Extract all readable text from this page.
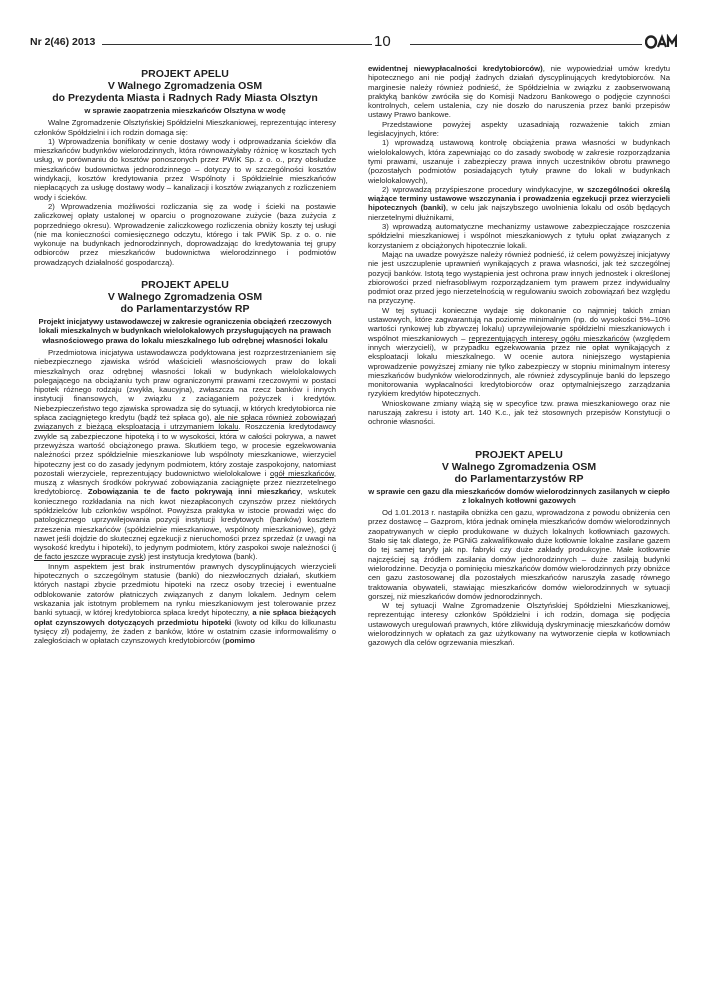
Nr 2(46) 2013	10
PROJEKT APELU
V Walnego Zgromadzenia OSM
do Prezydenta Miasta i Radnych Rady Miasta Olsztyn
w sprawie zaopatrzenia mieszkańców Olsztyna w wodę

Walne Zgromadzenie Olsztyńskiej Spółdzielni Mieszkaniowej, reprezentując interesy członków Spółdzielni i ich rodzin domaga się:

1) Wprowadzenia bonifikaty w cenie dostawy wody i odprowadzania ścieków dla mieszkańców budynków wielorodzinnych, która równoważyłaby różnicę w kosztach tych usług, w porównaniu do kosztów ponoszonych przez PWiK Sp. z o. o., przy obsłudze mieszkańców budownictwa jednorodzinnego – dotyczy to w szczególności kosztów windykacji, kosztów kredytowania przez Wspólnoty i Spółdzielnie mieszkańców niepłacących za usługę dostawy wody – kanalizacji i kosztów związanych z rozliczeniem wody i ścieków.

2) Wprowadzenia możliwości rozliczania się za wodę i ścieki na postawie zaliczkowej opłaty ustalonej w oparciu o prognozowane zużycie (baza zużycia z poprzedniego okresu). Wprowadzenie zaliczkowego rozliczenia obniży koszty tej usługi (nie ma konieczności comiesięcznego odczytu, którego i tak PWiK Sp. z o. o. nie wykonuje na budynkach jednorodzinnych, doprowadzając do kredytowania tej grupy odbiorców przez mieszkańców budownictwa wielorodzinnego i podmiotów prowadzących działalność gospodarczą).

PROJEKT APELU
V Walnego Zgromadzenia OSM
do Parlamentarzystów RP
Projekt inicjatywy ustawodawczej w zakresie ograniczenia obciążeń rzeczowych lokali mieszkalnych w budynkach wielolokalowych przysługujących na prawach własnościowego prawa do lokalu mieszkalnego lub odrębnej własności lokalu

Przedmiotowa inicjatywa ustawodawcza podyktowana jest rozprzestrzenianiem się niebezpiecznego zjawiska wśród właścicieli własnościowych praw do lokali mieszkalnych oraz odrębnej własności lokali w budynkach wielolokalowych polegającego na obciążaniu tych praw ograniczonymi prawami rzeczowymi w postaci hipotek różnego rodzaju (zwykła, kaucyjna), zwłaszcza na rzecz banków i innych instytucji finansowych, w związku z zaciąganiem pożyczek i kredytów. Niebezpieczeństwo tego zjawiska sprowadza się do sytuacji, w których kredytobiorca nie spłaca zaciągniętego kredytu (bądź też spłaca go), ale nie spłaca również zobowiązań związanych z bieżącą eksploatacją i utrzymaniem lokalu. Roszczenia kredytodawcy zwykle są zabezpieczone hipoteką i to w wysokości, która w całości pokrywa, a nawet przewyższa wartość obciążonego prawa. Skutkiem tego, w procesie egzekwowania należności przez spółdzielnie mieszkaniowe lub wspólnoty mieszkaniowe, wierzyciel hipoteczny jest co do zasady jedynym podmiotem, który zostaje zaspokojony, natomiast pozostali wierzyciele, reprezentujący budownictwo wielolokalowe i ogół mieszkańców, muszą z własnych środków pokrywać zobowiązania zaciągnięte przez niezrzetelnego kredytobiorcę. Zobowiązania te de facto pokrywają inni mieszkańcy, wskutek koniecznego rozkładania na nich kwot niezapłaconych czynszów przez niektórych spółdzielców lub członków wspólnot. Powyższa praktyka w istocie prowadzi więc do patologicznego uprzywilejowania pozycji instytucji kredytowych (banków) kosztem zrzeszenia mieszkańców (spółdzielnie mieszkaniowe, wspólnoty mieszkaniowe), gdyż nawet jeśli dojdzie do skutecznej egzekucji z nieruchomości przez sprzedaż (z uwagi na wysokość kredytu i hipoteki), to jedynym podmiotem, który zaspokoi swoje należności (i de facto jeszcze wypracuje zysk) jest instytucja kredytowa (bank).

Innym aspektem jest brak instrumentów prawnych dyscyplinujących wierzycieli hipotecznych o szczególnym statusie (banki) do niezwłocznych działań, skutkiem których nastąpi zbycie przedmiotu hipoteki na rzecz osoby trzeciej i ewentualne odblokowanie zatorów płatniczych związanych z danym lokalem. Jednym celem wskazania jak istotnym problemem na rynku mieszkaniowym jest tolerowanie przez banki sytuacji, w której kredytobiorca spłaca kredyt hipoteczny, a nie spłaca bieżących opłat czynszowych dotyczących przedmiotu hipoteki (kwoty od kilku do kilkunastu tysięcy zł) podajemy, że żaden z banków, które w ostatnim czasie informowaliśmy o zaległościach w opłatach czynszowych kredytobiorców (pomimo

ewidentnej niewypłacalności kredytobiorców), nie wypowiedział umów kredytu hipotecznego ani nie podjął żadnych działań dyscyplinujących kredytobiorców. Na marginesie należy również podnieść, że Spółdzielnia w związku z zaobserwowaną praktyką banków zwróciła się do Komisji Nadzoru Bankowego o podjęcie czynności kontrolnych, celem ustalenia, czy nie doszło do naruszenia przez banki przepisów ustawy Prawo bankowe.

Przedstawione powyżej aspekty uzasadniają rozważenie takich zmian legislacyjnych, które:

1) wprowadzą ustawową kontrolę obciążenia prawa własności w budynkach wielolokalowych, która zapewniając co do zasady swobodę w zakresie rozporządzania tymi prawami, uszanuje i zabezpieczy prawa innych uczestników obrotu prawnego (pozostałych podmiotów posiadających tytuły prawne do lokali w budynkach wielolokalowych),

2) wprowadzą przyśpieszone procedury windykacyjne, w szczególności określą wiążące terminy ustawowe wszczynania i prowadzenia egzekucji przez wierzycieli hipotecznych (banki), w celu jak najszybszego uwolnienia lokalu od osób będących nierzetelnymi dłużnikami,

3) wprowadzą automatyczne mechanizmy ustawowe zabezpieczające roszczenia spółdzielni mieszkaniowej i wspólnot mieszkaniowych z tytułu opłat związanych z korzystaniem z obciążonych hipotecznie lokali.

Mając na uwadze powyższe należy również podnieść, iż celem powyższej inicjatywy nie jest uszczuplenie uprawnień wynikających z prawa własności, jak też szczególnej pozycji banków. Istotą tego wystąpienia jest ochrona praw innych jednostek i określonej zbiorowości przed niefrasobliwym rozporządzaniem tym prawem przez indywidualny podmiot oraz przed jego nierzetelnością w regulowaniu swoich zobowiązań bez względu na przyczynę.

W tej sytuacji konieczne wydaje się dokonanie co najmniej takich zmian ustawowych, które zagwarantują na poziomie minimalnym (np. do wysokości 5%–10% wartości rynkowej lub zbywczej lokalu) uprzywilejowanie spółdzielni mieszkaniowych i wspólnot mieszkaniowych – reprezentujących interesy ogółu mieszkańców (względem innych wierzycieli), w przypadku egzekwowania przez nie opłat wynikających z eksploatacji lokalu mieszkalnego. W ocenie autora niniejszego wystąpienia wprowadzenie powyższej zmiany nie tylko zabezpieczy w stopniu minimalnym interesy mieszkańców budynków wielorodzinnych, ale również zdyscyplinuje banki do lepszego monitorowania wypłacalności kredytobiorców oraz optymalniejszego zarządzania ryzykiem kredytów hipotecznych.

Wnioskowane zmiany wiążą się w specyfice tzw. prawa mieszkaniowego oraz nie naruszają zakresu i istoty art. 140 K.c., jak też stosownych przepisów Konstytucji o ochronie własności.

PROJEKT APELU
V Walnego Zgromadzenia OSM
do Parlamentarzystów RP
w sprawie cen gazu dla mieszkańców domów wielorodzinnych zasilanych w ciepło z lokalnych kotłowni gazowych

Od 1.01.2013 r. nastąpiła obniżka cen gazu, wprowadzona z powodu obniżenia cen przez dostawcę – Gazprom, która jednak ominęła mieszkańców domów wielorodzinnych zaopatrywanych w ciepło produkowane w dużych lokalnych kotłowniach gazowych. Stało się tak dlatego, że PGNiG zakwalifikowało duże kotłownie lokalne zasilane gazem do tej samej taryfy jak np. fabryki czy duże zakłady produkcyjne. Małe kotłownie najczęściej są źródłem zasilania domów jednorodzinnych – duże zasilają budynki wielorodzinne. Decyzja o pominięciu mieszkańców domów wielorodzinnych przy obniżce cen gazu zastosowanej dla pozostałych mieszkańców naruszyła zasadę równego traktowania obywateli, stawiając mieszkańców domów wielorodzinnych w sytuacji gorszej, niż mieszkańców domów jednorodzinnych.

W tej sytuacji Walne Zgromadzenie Olsztyńskiej Spółdzielni Mieszkaniowej, reprezentując interesy członków Spółdzielni i ich rodzin, domaga się podjęcia ustawowych uregulowań prawnych, które zlikwidują dyskryminację mieszkańców domów wielorodzinnych w opłatach za gaz użytkowany na wytworzenie ciepła w kotłowniach gazowych dla celów ogrzewania mieszkań.
